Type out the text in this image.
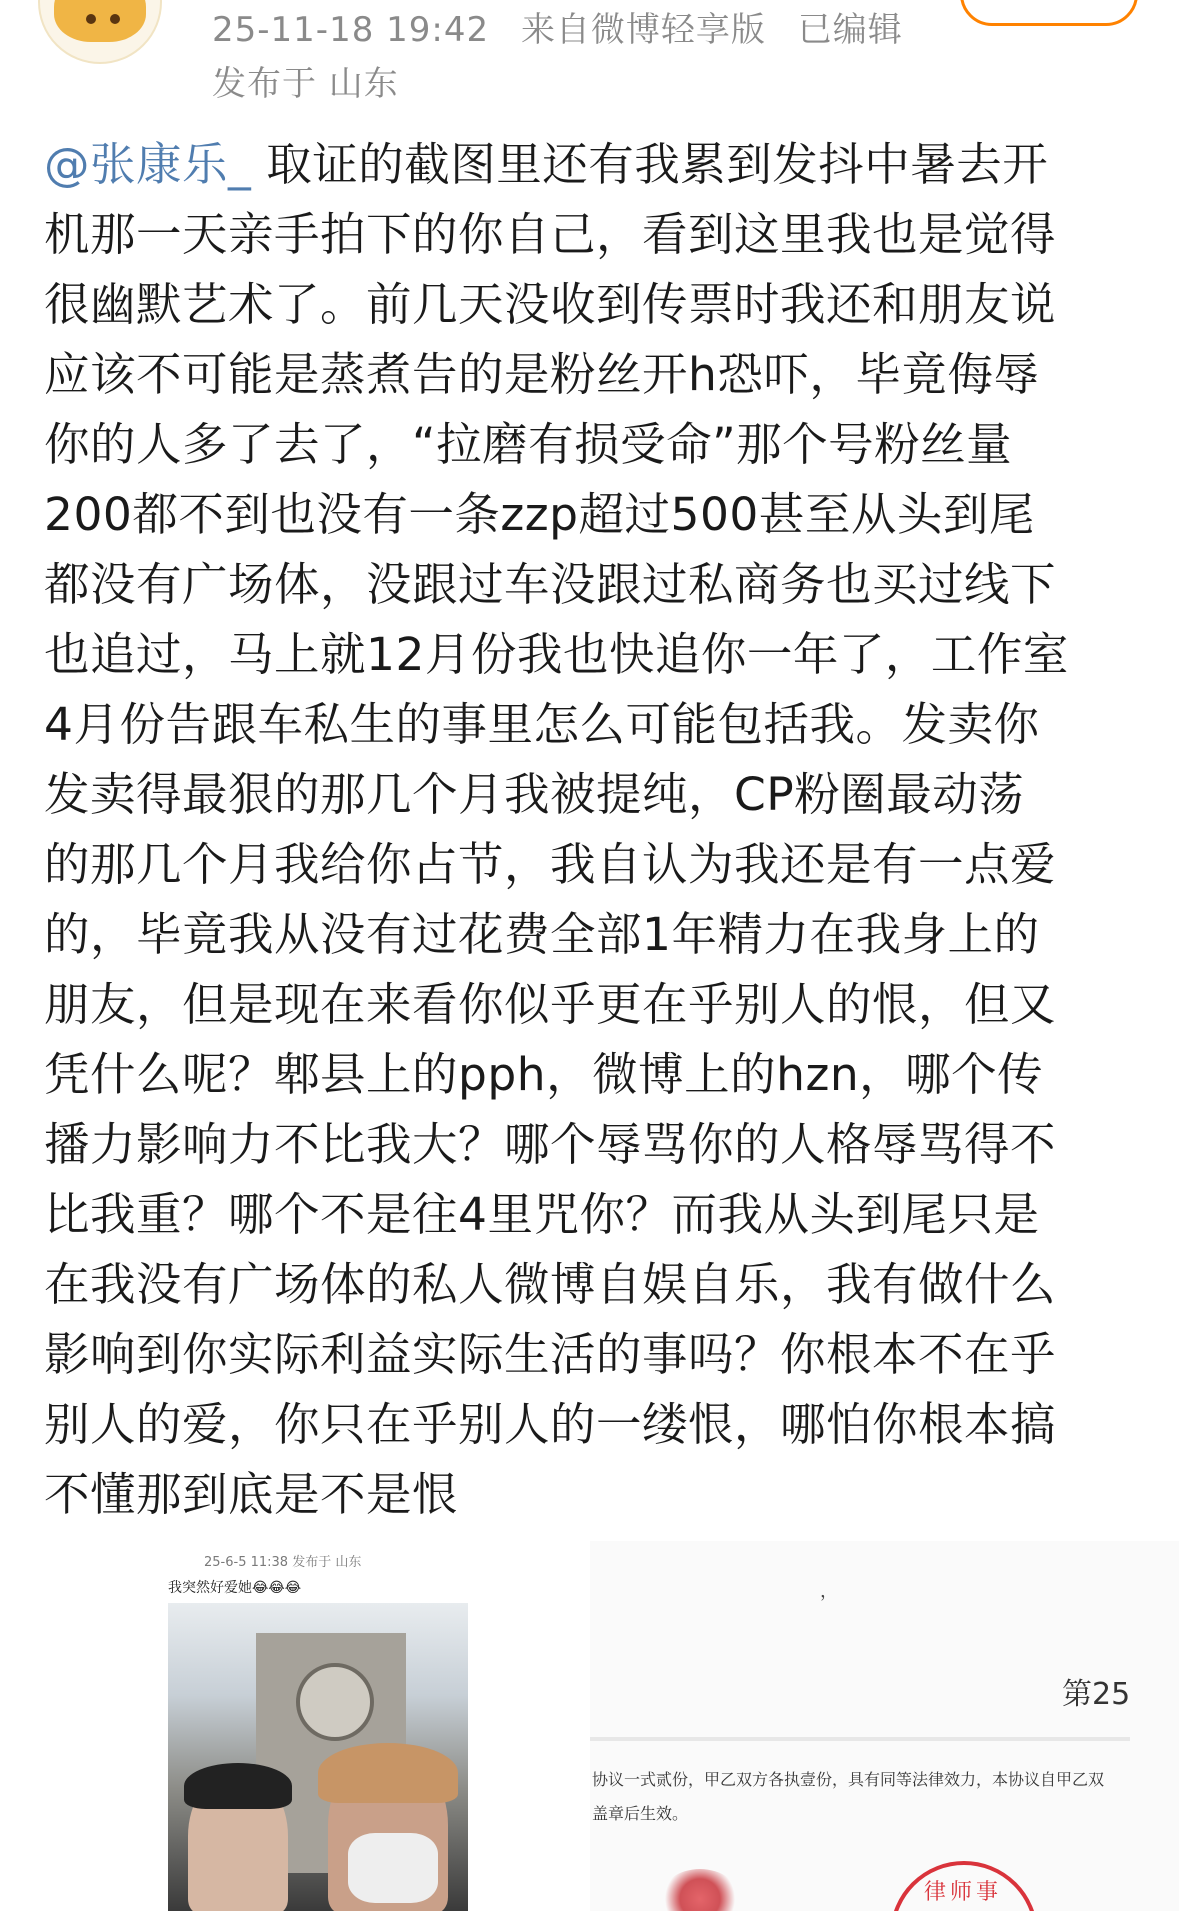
25-11-18 19:42 来自微博轻享版 已编辑
发布于 山东
@张康乐_ 取证的截图里还有我累到发抖中暑去开
机那一天亲手拍下的你自己，看到这里我也是觉得
很幽默艺术了。前几天没收到传票时我还和朋友说
应该不可能是蒸煮告的是粉丝开h恐吓，毕竟侮辱
你的人多了去了，“拉磨有损受命”那个号粉丝量
200都不到也没有一条zzp超过500甚至从头到尾
都没有广场体，没跟过车没跟过私商务也买过线下
也追过，马上就12月份我也快追你一年了，工作室
4月份告跟车私生的事里怎么可能包括我。发卖你
发卖得最狠的那几个月我被提纯，CP粉圈最动荡
的那几个月我给你占节，我自认为我还是有一点爱
的，毕竟我从没有过花费全部1年精力在我身上的
朋友，但是现在来看你似乎更在乎别人的恨，但又
凭什么呢？郫县上的pph，微博上的hzn，哪个传
播力影响力不比我大？哪个辱骂你的人格辱骂得不
比我重？哪个不是往4里咒你？而我从头到尾只是
在我没有广场体的私人微博自娱自乐，我有做什么
影响到你实际利益实际生活的事吗？你根本不在乎
别人的爱，你只在乎别人的一缕恨，哪怕你根本搞
不懂那到底是不是恨
25-6-5 11:38 发布于 山东
我突然好爱她😂😂😂	，
第25
协议一式贰份，甲乙双方各执壹份，具有同等法律效力，本协议自甲乙双
盖章后生效。
律师事
